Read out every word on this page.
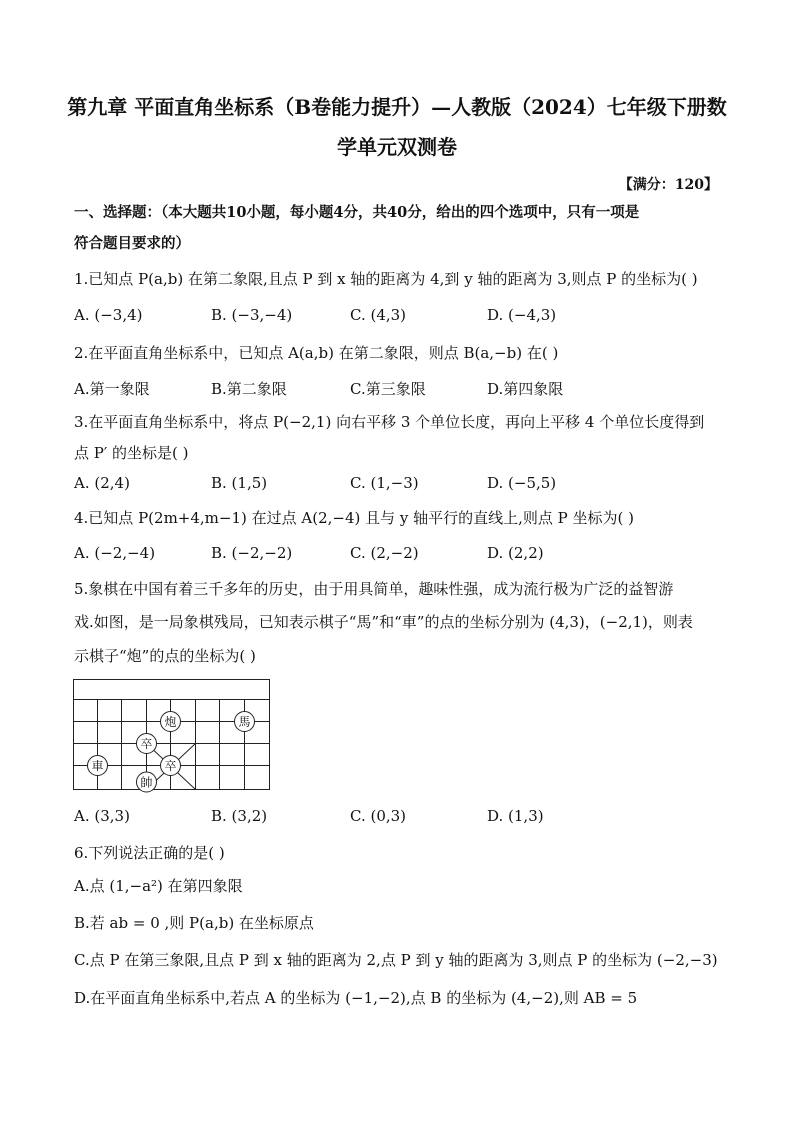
第九章 平面直角坐标系（B卷能力提升）—人教版（2024）七年级下册数
学单元双测卷
【满分：120】
一、选择题：（本大题共10小题，每小题4分，共40分，给出的四个选项中，只有一项是
符合题目要求的）
1.已知点 P(a,b) 在第二象限,且点 P 到 x 轴的距离为 4,到 y 轴的距离为 3,则点 P 的坐标为( )
A. (−3,4)	B. (−3,−4)	C. (4,3)	D. (−4,3)
2.在平面直角坐标系中，已知点 A(a,b) 在第二象限，则点 B(a,−b) 在( )
A.第一象限	B.第二象限	C.第三象限	D.第四象限
3.在平面直角坐标系中，将点 P(−2,1) 向右平移 3 个单位长度，再向上平移 4 个单位长度得到
点 P′ 的坐标是( )
A. (2,4)	B. (1,5)	C. (1,−3)	D. (−5,5)
4.已知点 P(2m+4,m−1) 在过点 A(2,−4) 且与 y 轴平行的直线上,则点 P 坐标为( )
A. (−2,−4)	B. (−2,−2)	C. (2,−2)	D. (2,2)
5.象棋在中国有着三千多年的历史，由于用具简单，趣味性强，成为流行极为广泛的益智游
戏.如图，是一局象棋残局，已知表示棋子“馬”和“車”的点的坐标分别为 (4,3)，(−2,1)，则表
示棋子“炮”的点的坐标为( )
炮	馬
卒
車	卒
帥
A. (3,3)	B. (3,2)	C. (0,3)	D. (1,3)
6.下列说法正确的是( )
A.点 (1,−a²) 在第四象限
B.若 ab = 0 ,则 P(a,b) 在坐标原点
C.点 P 在第三象限,且点 P 到 x 轴的距离为 2,点 P 到 y 轴的距离为 3,则点 P 的坐标为 (−2,−3)
D.在平面直角坐标系中,若点 A 的坐标为 (−1,−2),点 B 的坐标为 (4,−2),则 AB = 5
